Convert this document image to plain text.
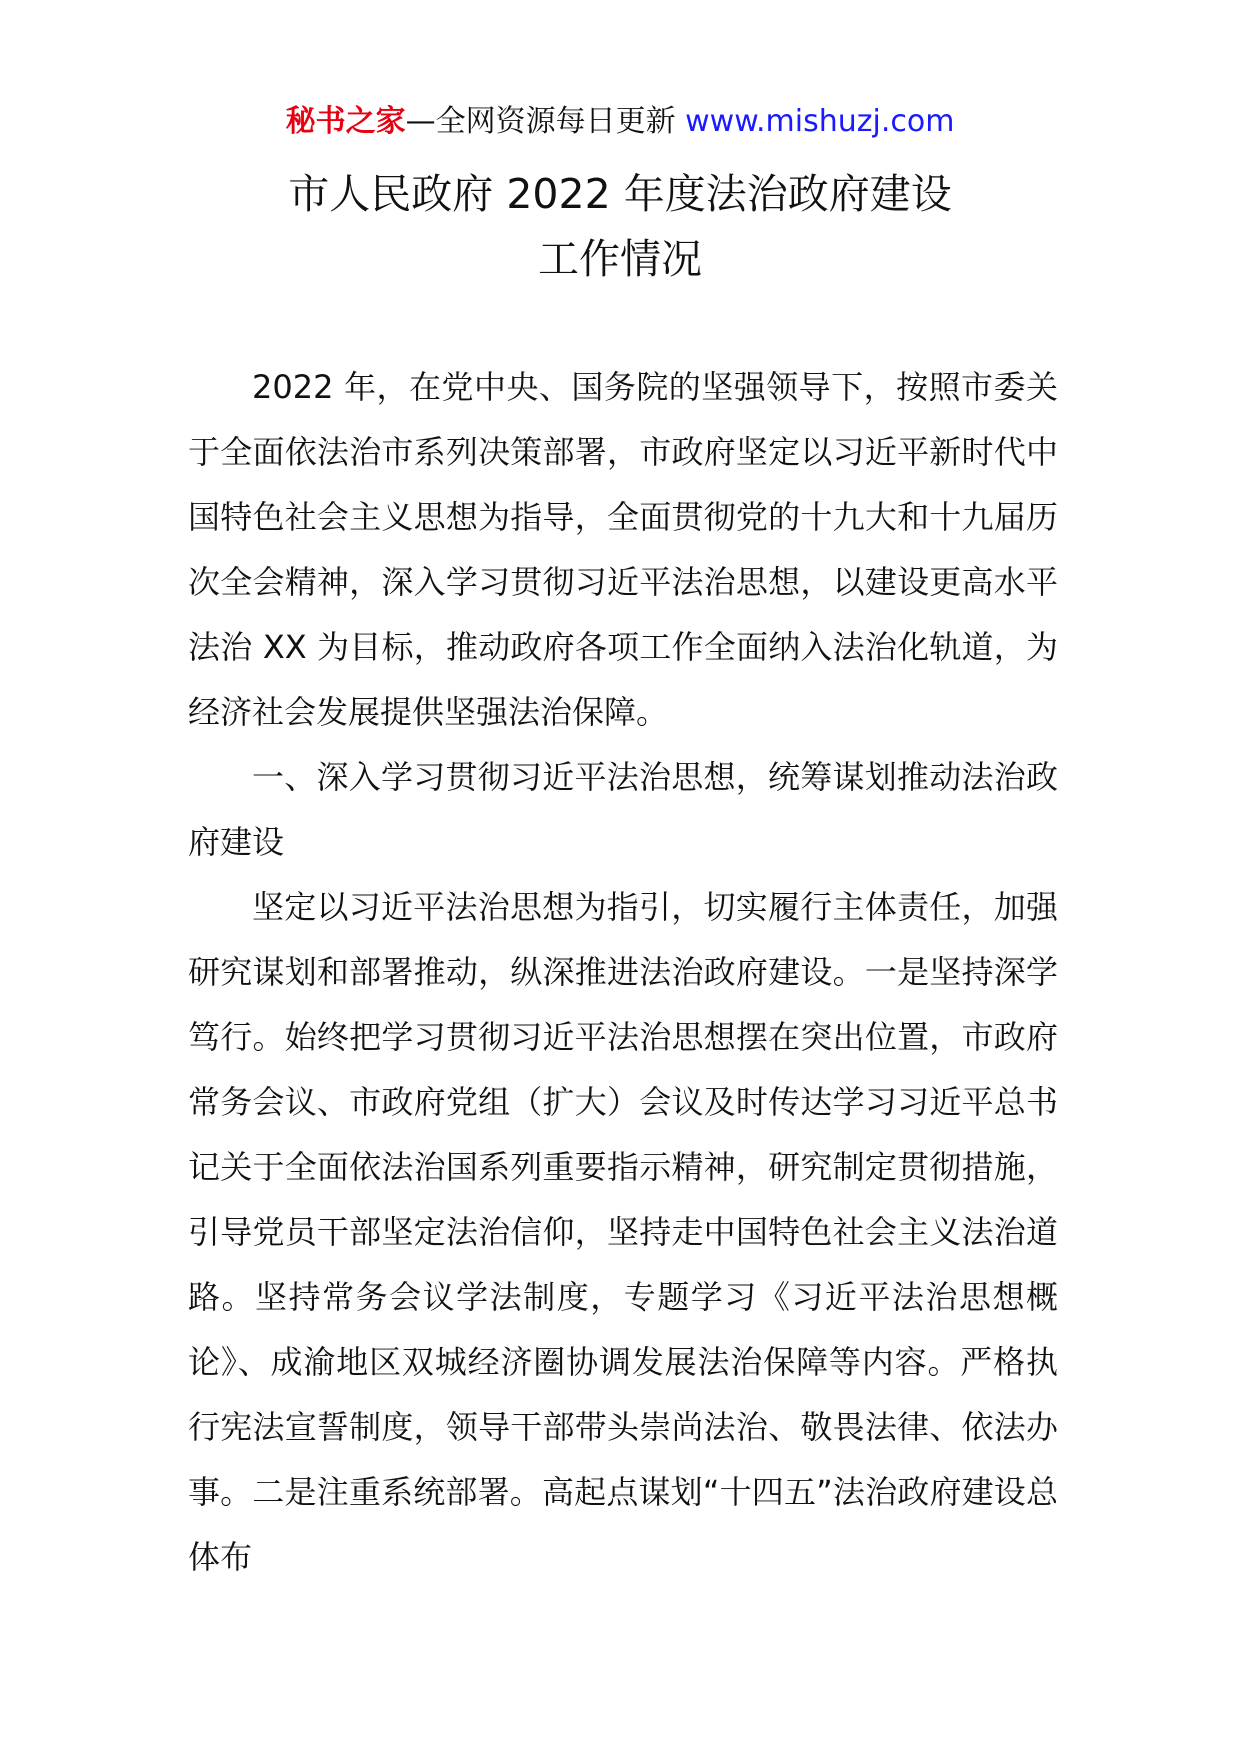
秘书之家—全网资源每日更新 www.mishuzj.com
市人民政府 2022 年度法治政府建设
工作情况

2022 年，在党中央、国务院的坚强领导下，按照市委关于全面依法治市系列决策部署，市政府坚定以习近平新时代中国特色社会主义思想为指导，全面贯彻党的十九大和十九届历次全会精神，深入学习贯彻习近平法治思想，以建设更高水平法治 XX 为目标，推动政府各项工作全面纳入法治化轨道，为经济社会发展提供坚强法治保障。

一、深入学习贯彻习近平法治思想，统筹谋划推动法治政府建设

坚定以习近平法治思想为指引，切实履行主体责任，加强研究谋划和部署推动，纵深推进法治政府建设。一是坚持深学笃行。始终把学习贯彻习近平法治思想摆在突出位置，市政府常务会议、市政府党组（扩大）会议及时传达学习习近平总书记关于全面依法治国系列重要指示精神，研究制定贯彻措施，引导党员干部坚定法治信仰，坚持走中国特色社会主义法治道路。坚持常务会议学法制度，专题学习《习近平法治思想概论》、成渝地区双城经济圈协调发展法治保障等内容。严格执行宪法宣誓制度，领导干部带头崇尚法治、敬畏法律、依法办事。二是注重系统部署。高起点谋划“十四五”法治政府建设总体布
